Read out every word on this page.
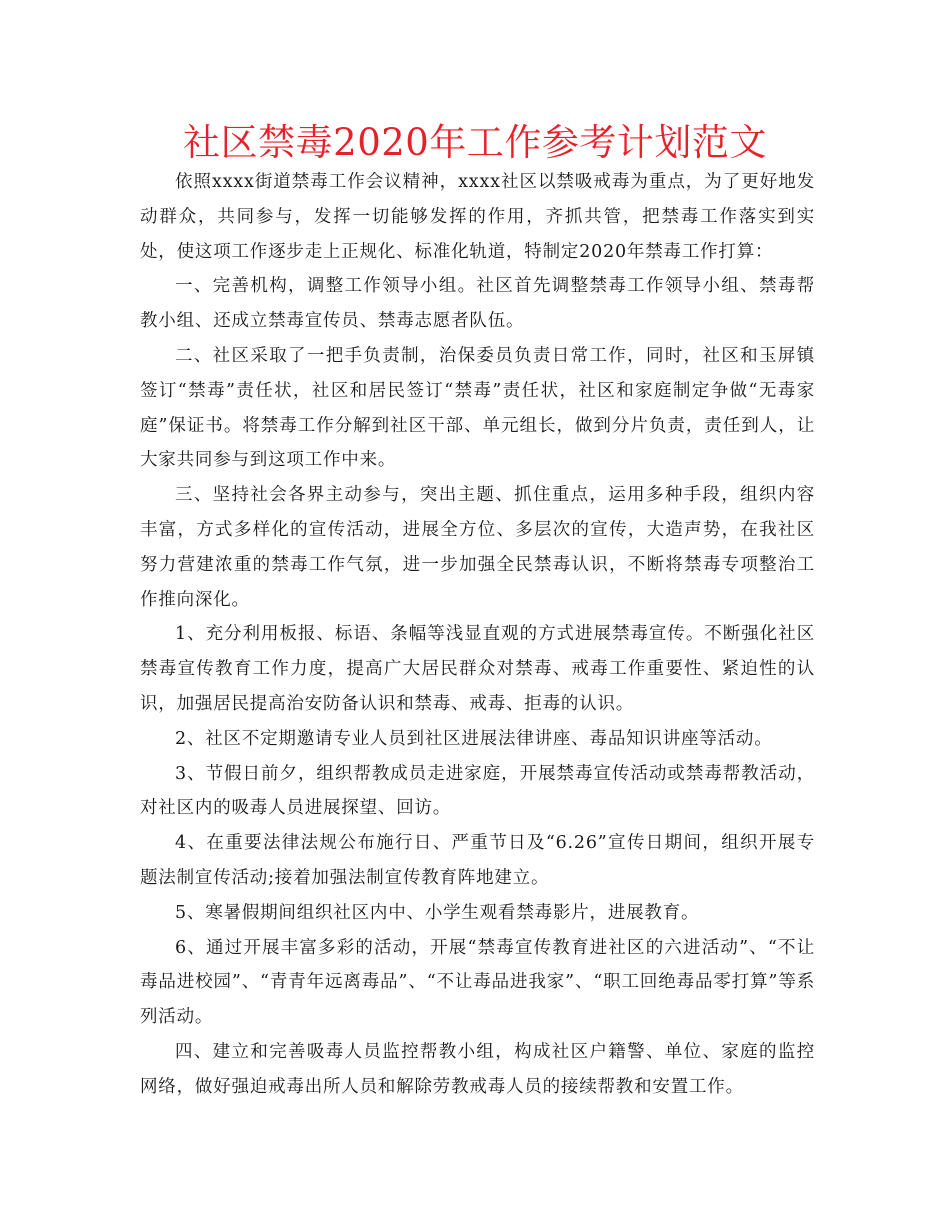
社区禁毒2020年工作参考计划范文

依照xxxx街道禁毒工作会议精神，xxxx社区以禁吸戒毒为重点，为了更好地发动群众，共同参与，发挥一切能够发挥的作用，齐抓共管，把禁毒工作落实到实处，使这项工作逐步走上正规化、标准化轨道，特制定2020年禁毒工作打算：

一、完善机构，调整工作领导小组。社区首先调整禁毒工作领导小组、禁毒帮教小组、还成立禁毒宣传员、禁毒志愿者队伍。

二、社区采取了一把手负责制，治保委员负责日常工作，同时，社区和玉屏镇签订“禁毒”责任状，社区和居民签订“禁毒”责任状，社区和家庭制定争做“无毒家庭”保证书。将禁毒工作分解到社区干部、单元组长，做到分片负责，责任到人，让大家共同参与到这项工作中来。

三、坚持社会各界主动参与，突出主题、抓住重点，运用多种手段，组织内容丰富，方式多样化的宣传活动，进展全方位、多层次的宣传，大造声势，在我社区努力营建浓重的禁毒工作气氛，进一步加强全民禁毒认识，不断将禁毒专项整治工作推向深化。

1、充分利用板报、标语、条幅等浅显直观的方式进展禁毒宣传。不断强化社区禁毒宣传教育工作力度，提高广大居民群众对禁毒、戒毒工作重要性、紧迫性的认识，加强居民提高治安防备认识和禁毒、戒毒、拒毒的认识。

2、社区不定期邀请专业人员到社区进展法律讲座、毒品知识讲座等活动。

3、节假日前夕，组织帮教成员走进家庭，开展禁毒宣传活动或禁毒帮教活动，对社区内的吸毒人员进展探望、回访。

4、在重要法律法规公布施行日、严重节日及“6.26”宣传日期间，组织开展专题法制宣传活动;接着加强法制宣传教育阵地建立。

5、寒暑假期间组织社区内中、小学生观看禁毒影片，进展教育。

6、通过开展丰富多彩的活动，开展“禁毒宣传教育进社区的六进活动”、“不让毒品进校园”、“青青年远离毒品”、“不让毒品进我家”、“职工回绝毒品零打算”等系列活动。

四、建立和完善吸毒人员监控帮教小组，构成社区户籍警、单位、家庭的监控网络，做好强迫戒毒出所人员和解除劳教戒毒人员的接续帮教和安置工作。
